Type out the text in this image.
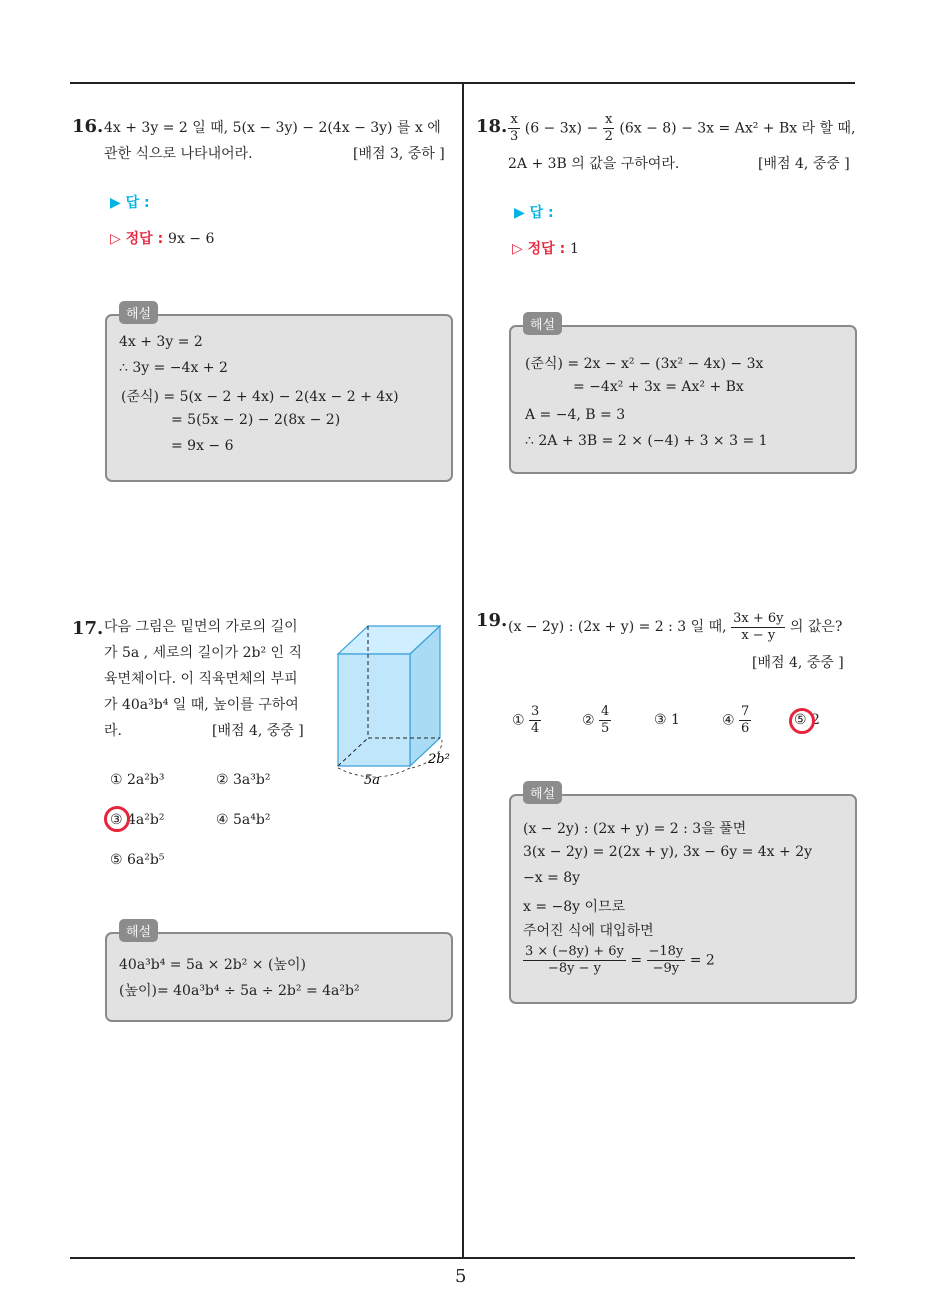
16. 4x + 3y = 2 일 때, 5(x − 3y) − 2(4x − 3y) 를 x 에
관한 식으로 나타내어라.	[배점 3, 중하 ]
▶ 답 :
▷ 정답 : 9x − 6
해설
4x + 3y = 2
∴ 3y = −4x + 2
(준식) = 5(x − 2 + 4x) − 2(4x − 2 + 4x)
= 5(5x − 2) − 2(8x − 2)
= 9x − 6
17. 다음 그림은 밑면의 가로의 길이
가 5a , 세로의 길이가 2b² 인 직
육면체이다. 이 직육면체의 부피
가 40a³b⁴ 일 때, 높이를 구하여
라.	[배점 4, 중중 ]
5a
2b²
① 2a²b³	② 3a³b²
③ 4a²b²	④ 5a⁴b²
⑤ 6a²b⁵
해설
40a³b⁴ = 5a × 2b² × (높이)
(높이)= 40a³b⁴ ÷ 5a ÷ 2b² = 4a²b²
18. $\frac{x}{3} (6 - 3x) - \frac{x}{2} (6x - 8) - 3x = Ax^2 + Bx$ 라 할 때,
2A + 3B 의 값을 구하여라.	[배점 4, 중중 ]
▶ 답 :
▷ 정답 : 1
해설
(준식) = 2x − x² − (3x² − 4x) − 3x
= −4x² + 3x = Ax² + Bx
A = −4, B = 3
∴ 2A + 3B = 2 × (−4) + 3 × 3 = 1
19. (x − 2y) : (2x + y) = 2 : 3 일 때, $\frac{3x + 6y}{x - y}$ 의 값은?
[배점 4, 중중 ]
① $\frac{3}{4}$	② $\frac{4}{5}$	③ 1	④ $\frac{7}{6}$	⑤ 2
해설
(x − 2y) : (2x + y) = 2 : 3을 풀면
3(x − 2y) = 2(2x + y), 3x − 6y = 4x + 2y
−x = 8y
x = −8y 이므로
주어진 식에 대입하면
$\frac{3 \times (-8y) + 6y}{-8y - y} = \frac{-18y}{-9y} = 2$
5
